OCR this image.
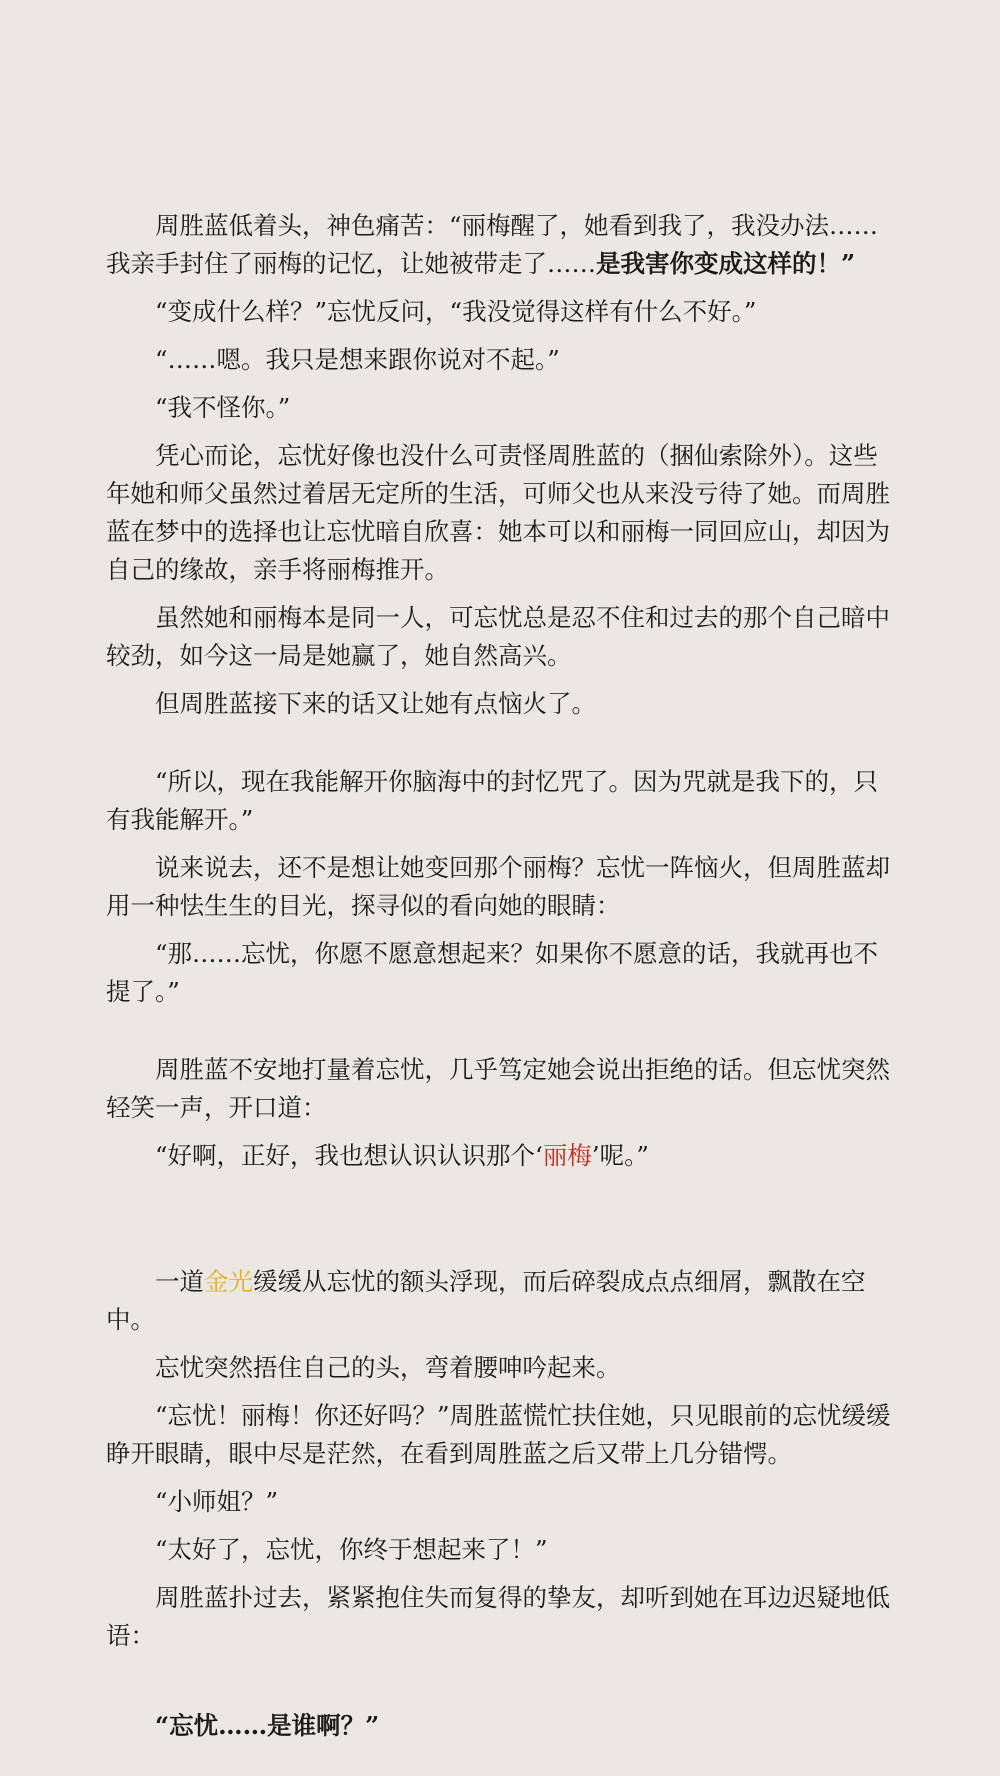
周胜蓝低着头，神色痛苦：“丽梅醒了，她看到我了，我没办法……我亲手封住了丽梅的记忆，让她被带走了……是我害你变成这样的！”

“变成什么样？”忘忧反问，“我没觉得这样有什么不好。”

“……嗯。我只是想来跟你说对不起。”

“我不怪你。”

凭心而论，忘忧好像也没什么可责怪周胜蓝的（捆仙索除外）。这些年她和师父虽然过着居无定所的生活，可师父也从来没亏待了她。而周胜蓝在梦中的选择也让忘忧暗自欣喜：她本可以和丽梅一同回应山，却因为自己的缘故，亲手将丽梅推开。

虽然她和丽梅本是同一人，可忘忧总是忍不住和过去的那个自己暗中较劲，如今这一局是她赢了，她自然高兴。

但周胜蓝接下来的话又让她有点恼火了。

“所以，现在我能解开你脑海中的封忆咒了。因为咒就是我下的，只有我能解开。”

说来说去，还不是想让她变回那个丽梅？忘忧一阵恼火，但周胜蓝却用一种怯生生的目光，探寻似的看向她的眼睛：

“那……忘忧，你愿不愿意想起来？如果你不愿意的话，我就再也不提了。”

周胜蓝不安地打量着忘忧，几乎笃定她会说出拒绝的话。但忘忧突然轻笑一声，开口道：

“好啊，正好，我也想认识认识那个‘丽梅’呢。”

一道金光缓缓从忘忧的额头浮现，而后碎裂成点点细屑，飘散在空中。

忘忧突然捂住自己的头，弯着腰呻吟起来。

“忘忧！丽梅！你还好吗？”周胜蓝慌忙扶住她，只见眼前的忘忧缓缓睁开眼睛，眼中尽是茫然，在看到周胜蓝之后又带上几分错愕。

“小师姐？”

“太好了，忘忧，你终于想起来了！”

周胜蓝扑过去，紧紧抱住失而复得的挚友，却听到她在耳边迟疑地低语：

“忘忧……是谁啊？”
